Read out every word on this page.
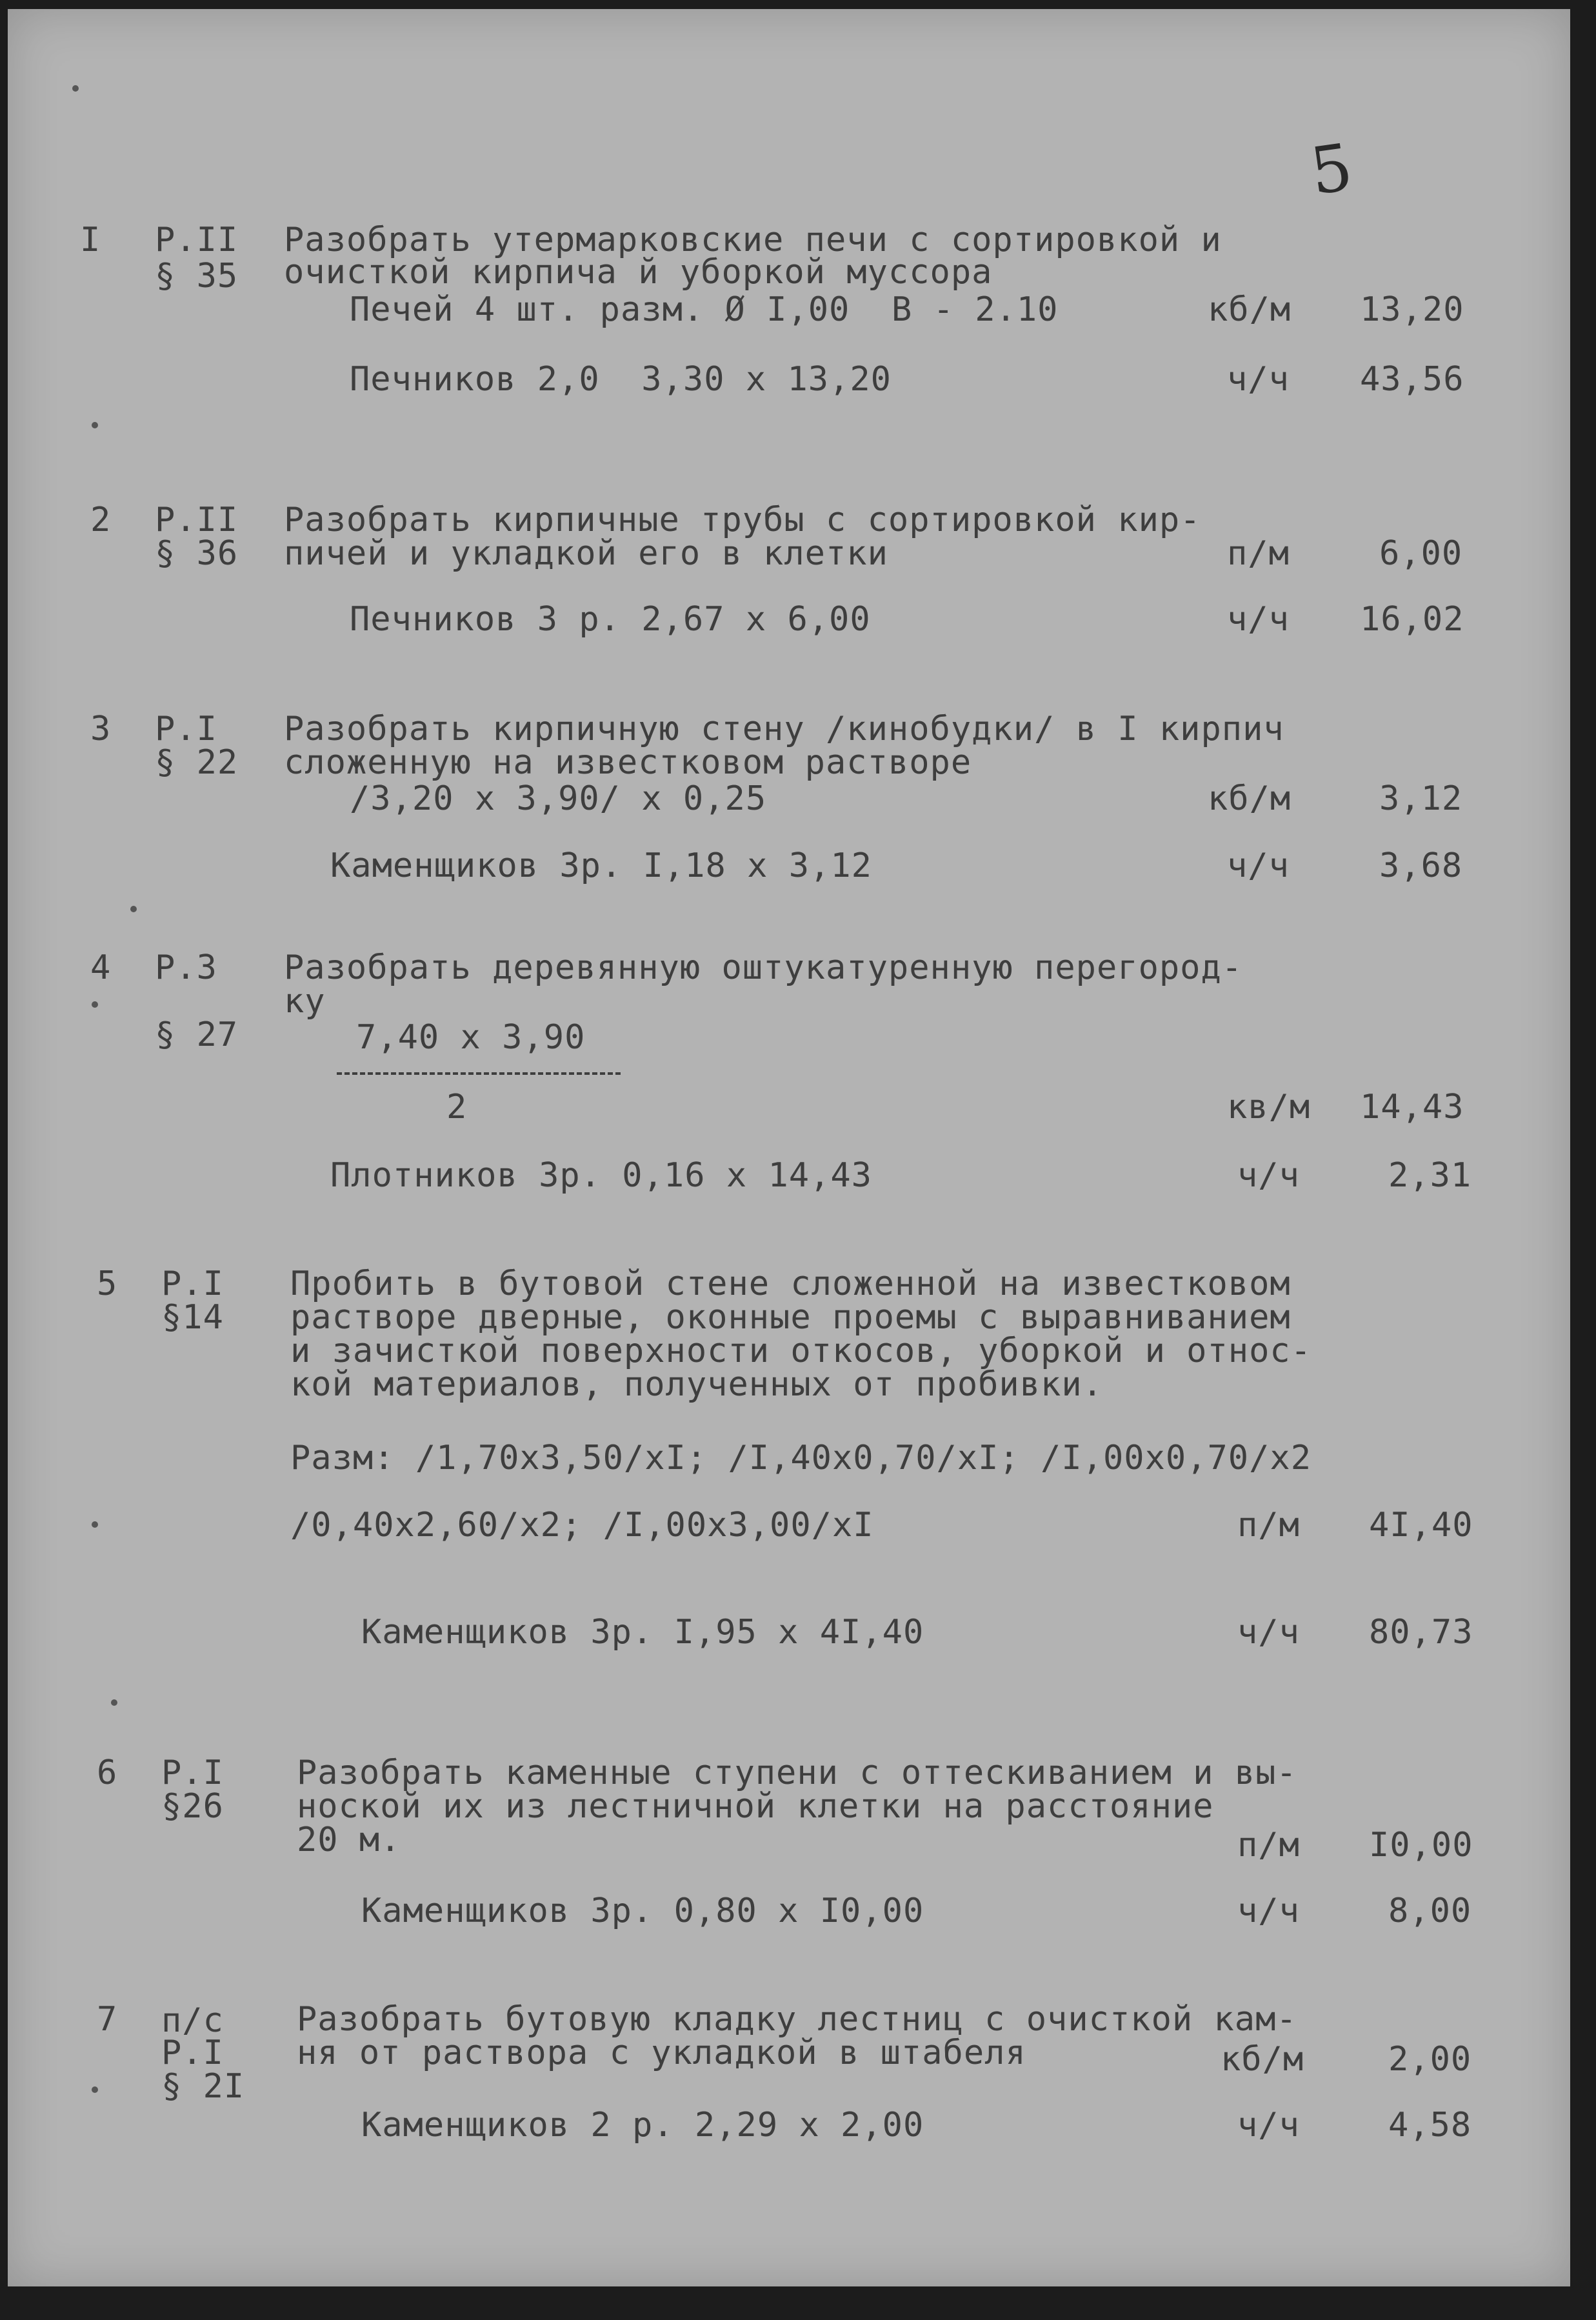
5
I Р.II
§ 35
Разобрать утермарковские печи с сортировкой и
очисткой кирпича й уборкой муссора
Печей 4 шт. разм. Ø I,00  В - 2.10	кб/м 13,20
Печников 2,0  3,30 х 13,20	ч/ч 43,56
2 Р.II
§ 36
Разобрать кирпичные трубы с сортировкой кир-
пичей и укладкой его в клетки	п/м	6,00
Печников 3 р. 2,67 х 6,00	ч/ч 16,02
3 Р.I
§ 22
Разобрать кирпичную стену /кинобудки/ в I кирпич
сложенную на известковом растворе
/3,20 х 3,90/ х 0,25	кб/м	3,12
Каменщиков 3р. I,18 х 3,12	ч/ч	3,68
4 Р.3
§ 27
Разобрать деревянную оштукатуренную перегород-
ку
7,40 х 3,90
2	кв/м 14,43
Плотников 3р. 0,16 х 14,43	ч/ч	2,31
5 Р.I
§14
Пробить в бутовой стене сложенной на известковом
растворе дверные, оконные проемы с выравниванием
и зачисткой поверхности откосов, уборкой и относ-
кой материалов, полученных от пробивки.
Разм: /1,70х3,50/хI; /I,40х0,70/хI; /I,00х0,70/х2
/0,40х2,60/х2; /I,00х3,00/хI	п/м 4I,40
Каменщиков 3р. I,95 х 4I,40	ч/ч 80,73
6 Р.I
§26
Разобрать каменные ступени с оттескиванием и вы-
ноской их из лестничной клетки на расстояние
20 м.	п/м I0,00
Каменщиков 3р. 0,80 х I0,00	ч/ч	8,00
7 п/с
Р.I
§ 2I
Разобрать бутовую кладку лестниц с очисткой кам-
ня от раствора с укладкой в штабеля	кб/м	2,00
Каменщиков 2 р. 2,29 х 2,00	ч/ч	4,58
